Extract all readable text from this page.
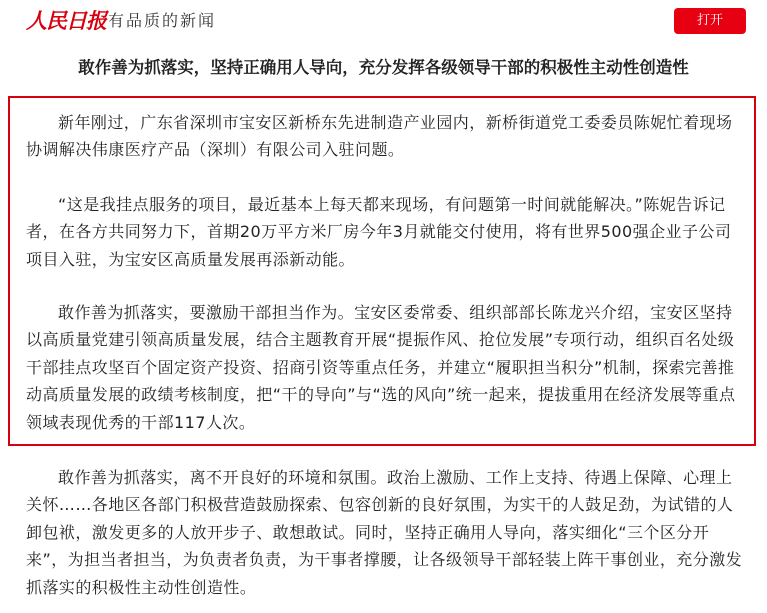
人民日报 有品质的新闻	打开
敢作善为抓落实，坚持正确用人导向，充分发挥各级领导干部的积极性主动性创造性

新年刚过，广东省深圳市宝安区新桥东先进制造产业园内，新桥街道党工委委员陈妮忙着现场协调解决伟康医疗产品（深圳）有限公司入驻问题。

“这是我挂点服务的项目，最近基本上每天都来现场，有问题第一时间就能解决。”陈妮告诉记者，在各方共同努力下，首期20万平方米厂房今年3月就能交付使用，将有世界500强企业子公司项目入驻，为宝安区高质量发展再添新动能。

敢作善为抓落实，要激励干部担当作为。宝安区委常委、组织部部长陈龙兴介绍，宝安区坚持以高质量党建引领高质量发展，结合主题教育开展“提振作风、抢位发展”专项行动，组织百名处级干部挂点攻坚百个固定资产投资、招商引资等重点任务，并建立“履职担当积分”机制，探索完善推动高质量发展的政绩考核制度，把“干的导向”与“选的风向”统一起来，提拔重用在经济发展等重点领域表现优秀的干部117人次。

敢作善为抓落实，离不开良好的环境和氛围。政治上激励、工作上支持、待遇上保障、心理上关怀……各地区各部门积极营造鼓励探索、包容创新的良好氛围，为实干的人鼓足劲，为试错的人卸包袱，激发更多的人放开步子、敢想敢试。同时，坚持正确用人导向，落实细化“三个区分开来”，为担当者担当，为负责者负责，为干事者撑腰，让各级领导干部轻装上阵干事创业，充分激发抓落实的积极性主动性创造性。
